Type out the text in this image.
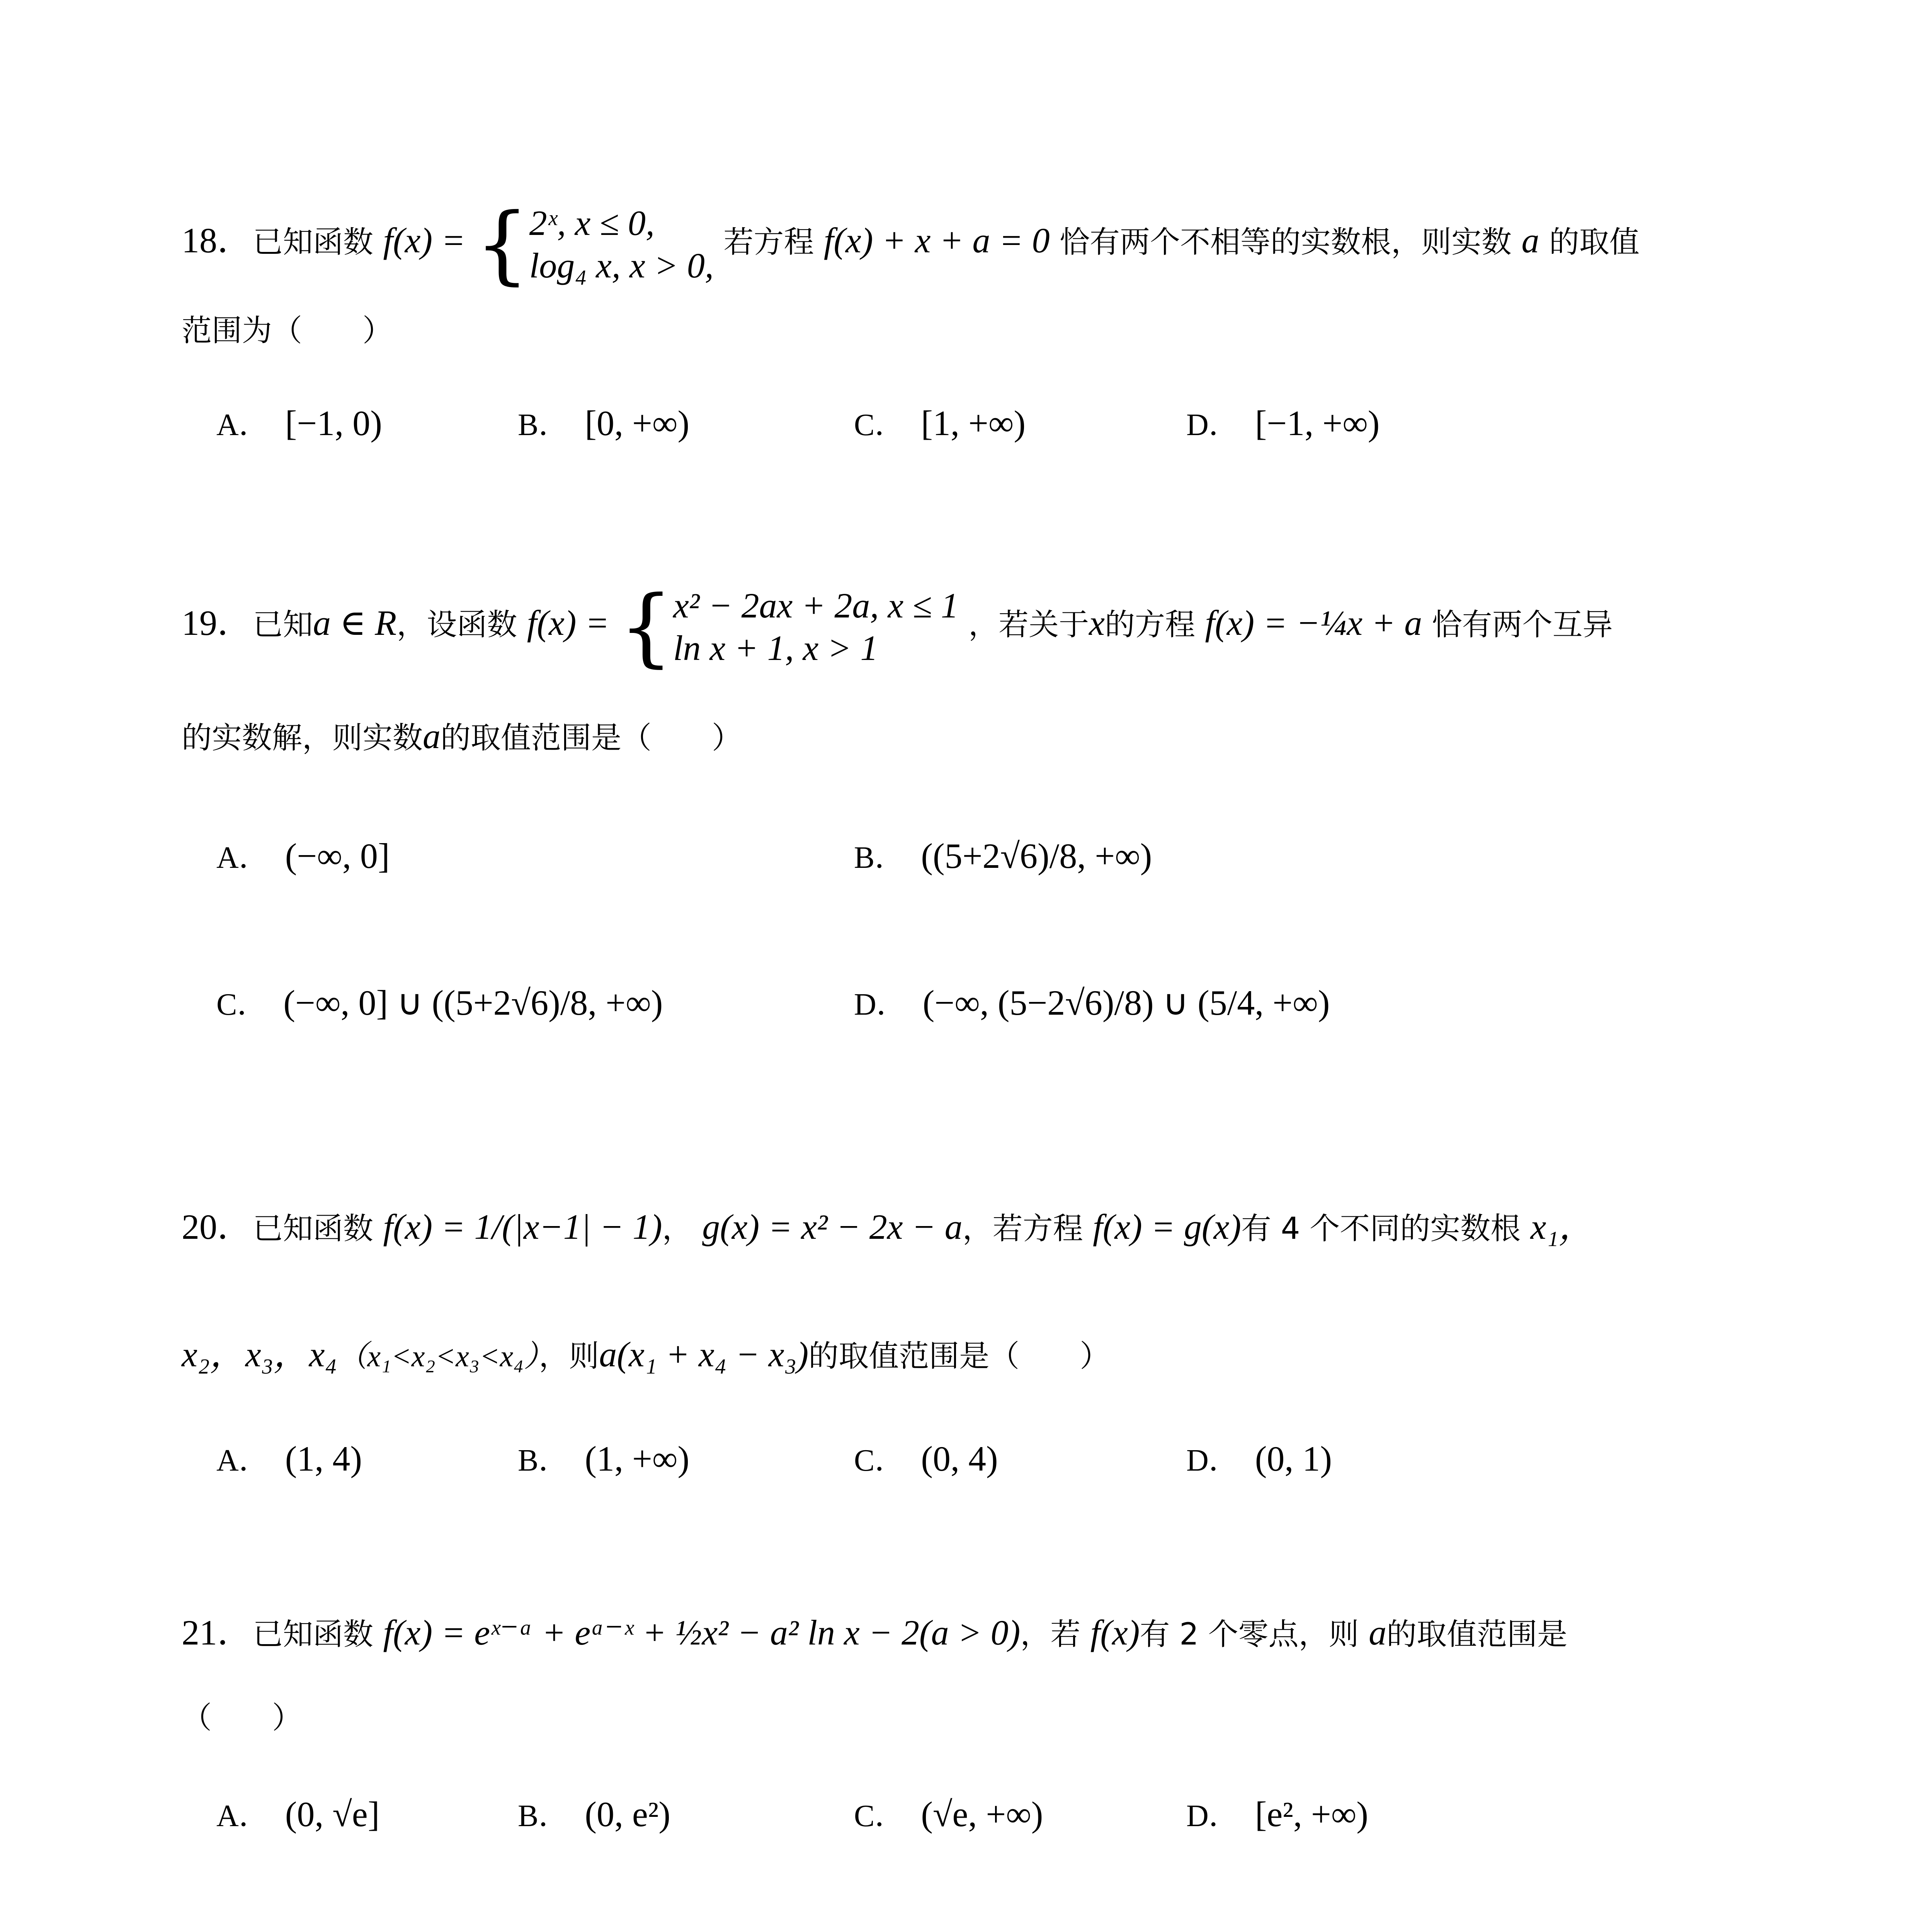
18．已知函数 f(x) = { 2ˣ, x ≤ 0,
log₄ x, x > 0,
若方程 f(x) + x + a = 0 恰有两个不相等的实数根，则实数 a 的取值
范围为（　　）
A． [−1, 0)	B． [0, +∞)	C． [1, +∞)	D． [−1, +∞)
19．已知a ∈ R，设函数 f(x) = { x² − 2ax + 2a, x ≤ 1
ln x + 1, x > 1
，若关于x的方程 f(x) = −¼x + a 恰有两个互异
的实数解，则实数a的取值范围是（　　）
A． (−∞, 0]	B． ((5+2√6)/8, +∞)
C． (−∞, 0] ∪ ((5+2√6)/8, +∞)	D． (−∞, (5−2√6)/8) ∪ (5/4, +∞)
20．已知函数 f(x) = 1/(|x−1| − 1)， g(x) = x² − 2x − a，若方程 f(x) = g(x)有 4 个不同的实数根 x₁，
x₂，x₃，x₄（x₁<x₂<x₃<x₄），则a(x₁ + x₄ − x₃)的取值范围是（　　）
A． (1, 4)	B． (1, +∞)	C． (0, 4)	D． (0, 1)
21．已知函数 f(x) = eˣ⁻ᵃ + eᵃ⁻ˣ + ½x² − a² ln x − 2(a > 0)，若 f(x)有 2 个零点，则 a的取值范围是
（　　）
A． (0, √e]	B． (0, e²)	C． (√e, +∞)	D． [e², +∞)
